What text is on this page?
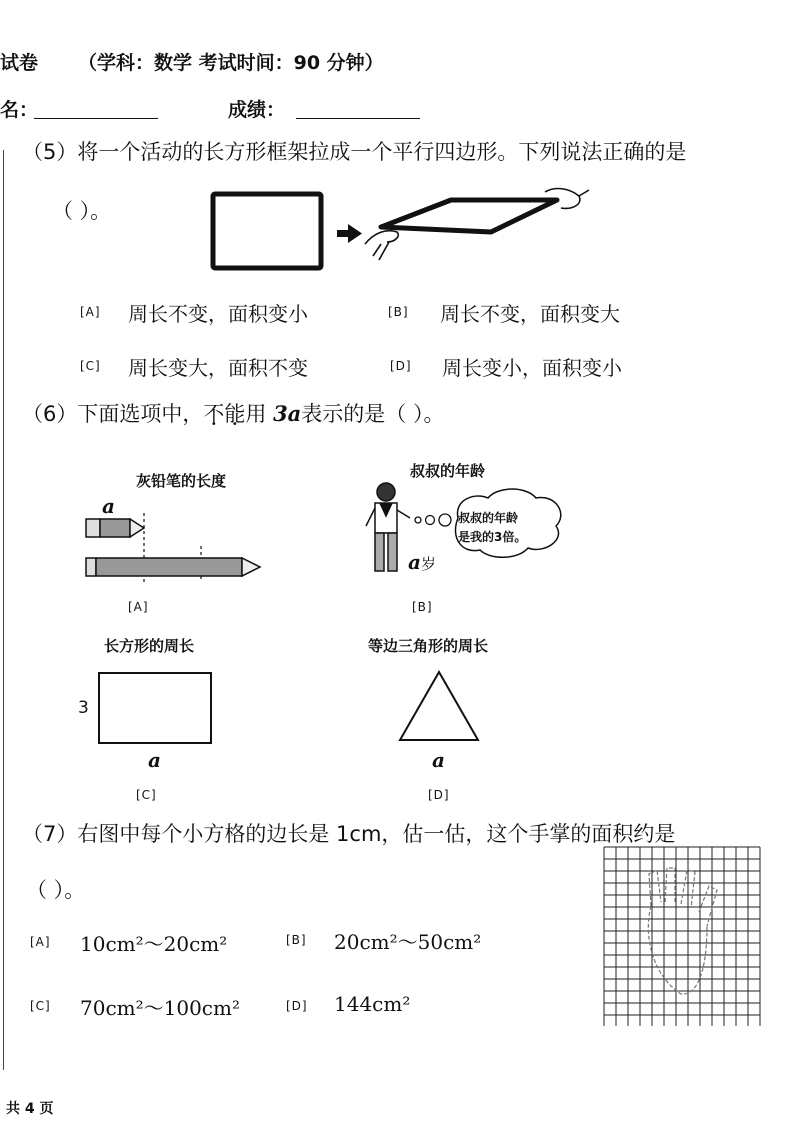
试卷 （学科：数学 考试时间：90 分钟）
名：	成绩：
（5）将一个活动的长方形框架拉成一个平行四边形。下列说法正确的是
（ ）。
[A] 周长不变，面积变小	[B] 周长不变，面积变大
[C] 周长变大，面积不变	[D] 周长变小，面积变小
（6）下面选项中，不能用 3a表示的是（ ）。
灰铅笔的长度
a
[A]
叔叔的年龄
叔叔的年龄
是我的3倍。
a岁
[B]
长方形的周长
3
a
[C]
等边三角形的周长
a
[D]
（7）右图中每个小方格的边长是 1cm，估一估，这个手掌的面积约是
（ ）。
[A] 10cm²～20cm²	[B] 20cm²～50cm²
[C] 70cm²～100cm²	[D] 144cm²
共 4 页
